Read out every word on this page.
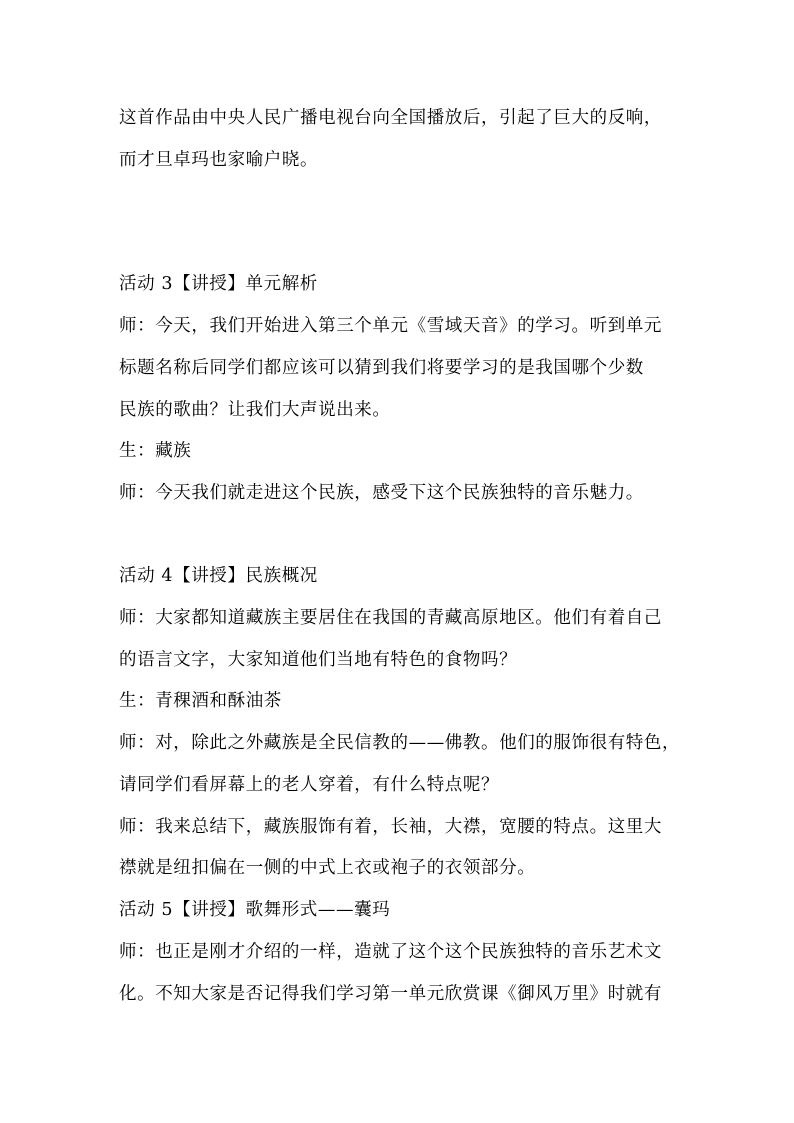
这首作品由中央人民广播电视台向全国播放后，引起了巨大的反响，
而才旦卓玛也家喻户晓。
活动 3【讲授】单元解析
师：今天，我们开始进入第三个单元《雪域天音》的学习。听到单元
标题名称后同学们都应该可以猜到我们将要学习的是我国哪个少数
民族的歌曲？让我们大声说出来。
生：藏族
师：今天我们就走进这个民族，感受下这个民族独特的音乐魅力。
活动 4【讲授】民族概况
师：大家都知道藏族主要居住在我国的青藏高原地区。他们有着自己
的语言文字，大家知道他们当地有特色的食物吗？
生：青稞酒和酥油茶
师：对，除此之外藏族是全民信教的——佛教。他们的服饰很有特色，
请同学们看屏幕上的老人穿着，有什么特点呢？
师：我来总结下，藏族服饰有着，长袖，大襟，宽腰的特点。这里大
襟就是纽扣偏在一侧的中式上衣或袍子的衣领部分。
活动 5【讲授】歌舞形式——囊玛
师：也正是刚才介绍的一样，造就了这个这个民族独特的音乐艺术文
化。不知大家是否记得我们学习第一单元欣赏课《御风万里》时就有
